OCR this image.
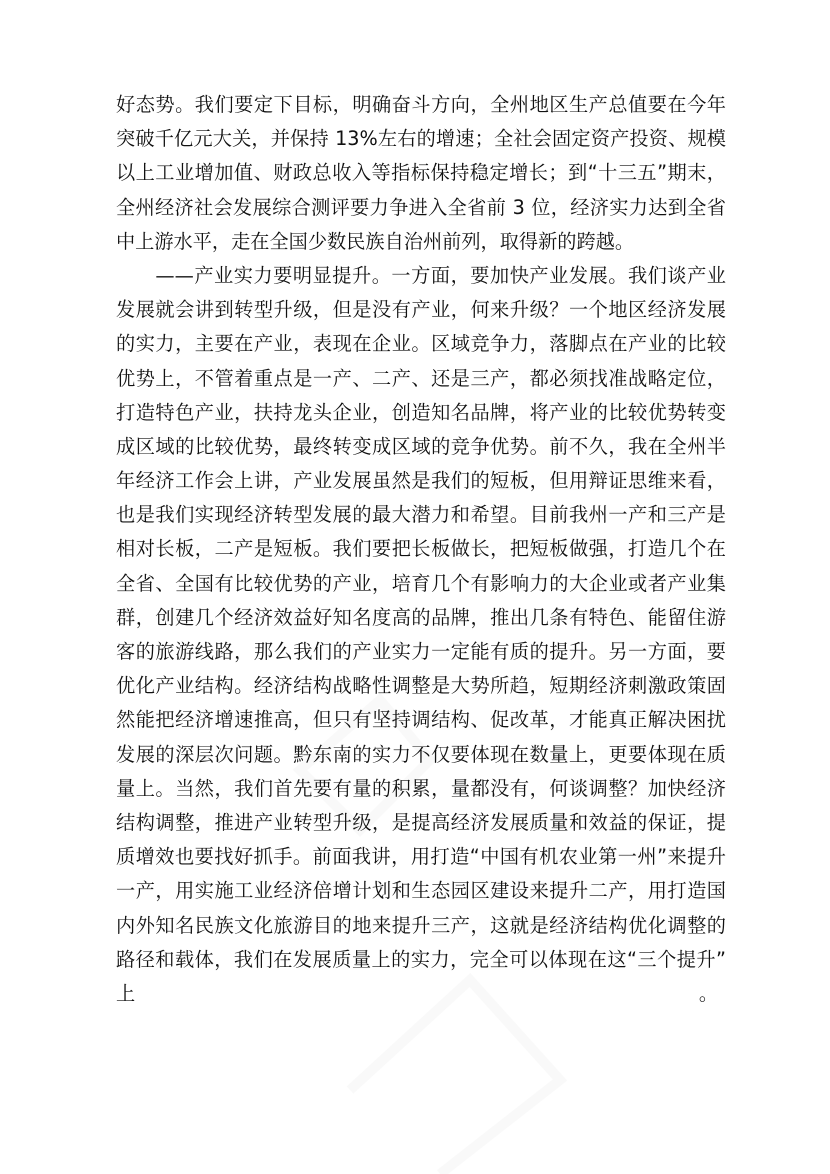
好态势。我们要定下目标，明确奋斗方向，全州地区生产总值要在今年
突破千亿元大关，并保持 13%左右的增速；全社会固定资产投资、规模
以上工业增加值、财政总收入等指标保持稳定增长；到“十三五”期末，
全州经济社会发展综合测评要力争进入全省前 3 位，经济实力达到全省
中上游水平，走在全国少数民族自治州前列，取得新的跨越。
　　——产业实力要明显提升。一方面，要加快产业发展。我们谈产业
发展就会讲到转型升级，但是没有产业，何来升级？一个地区经济发展
的实力，主要在产业，表现在企业。区域竞争力，落脚点在产业的比较
优势上，不管着重点是一产、二产、还是三产，都必须找准战略定位，
打造特色产业，扶持龙头企业，创造知名品牌，将产业的比较优势转变
成区域的比较优势，最终转变成区域的竞争优势。前不久，我在全州半
年经济工作会上讲，产业发展虽然是我们的短板，但用辩证思维来看，
也是我们实现经济转型发展的最大潜力和希望。目前我州一产和三产是
相对长板，二产是短板。我们要把长板做长，把短板做强，打造几个在
全省、全国有比较优势的产业，培育几个有影响力的大企业或者产业集
群，创建几个经济效益好知名度高的品牌，推出几条有特色、能留住游
客的旅游线路，那么我们的产业实力一定能有质的提升。另一方面，要
优化产业结构。经济结构战略性调整是大势所趋，短期经济刺激政策固
然能把经济增速推高，但只有坚持调结构、促改革，才能真正解决困扰
发展的深层次问题。黔东南的实力不仅要体现在数量上，更要体现在质
量上。当然，我们首先要有量的积累，量都没有，何谈调整？加快经济
结构调整，推进产业转型升级，是提高经济发展质量和效益的保证，提
质增效也要找好抓手。前面我讲，用打造“中国有机农业第一州”来提升
一产，用实施工业经济倍增计划和生态园区建设来提升二产，用打造国
内外知名民族文化旅游目的地来提升三产，这就是经济结构优化调整的
路径和载体，我们在发展质量上的实力，完全可以体现在这“三个提升”
上	。
